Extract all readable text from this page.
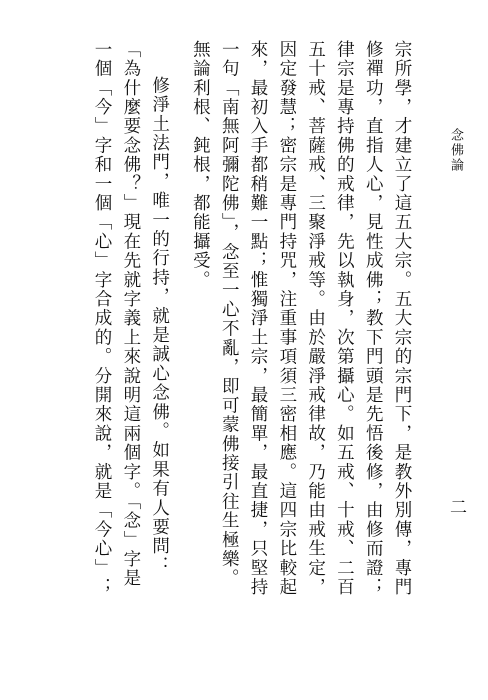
念佛論
宗所學，才建立了這五大宗。五大宗的宗門下，是教外別傳，專門
修禪功，直指人心，見性成佛；教下門頭是先悟後修，由修而證；
律宗是專持佛的戒律，先以執身，次第攝心。如五戒、十戒、二百
五十戒、菩薩戒、三聚淨戒等。由於嚴淨戒律故，乃能由戒生定，
因定發慧；密宗是專門持咒，注重事項須三密相應。這四宗比較起
來，最初入手都稍難一點；惟獨淨土宗，最簡單，最直捷，只堅持
一句「南無阿彌陀佛」，念至一心不亂，即可蒙佛接引往生極樂。
無論利根、鈍根，都能攝受。
修淨土法門，唯一的行持，就是誠心念佛。如果有人要問：
「為什麼要念佛？」現在先就字義上來說明這兩個字。「念」字是
一個「今」字和一個「心」字合成的。分開來說，就是「今心」；	二
